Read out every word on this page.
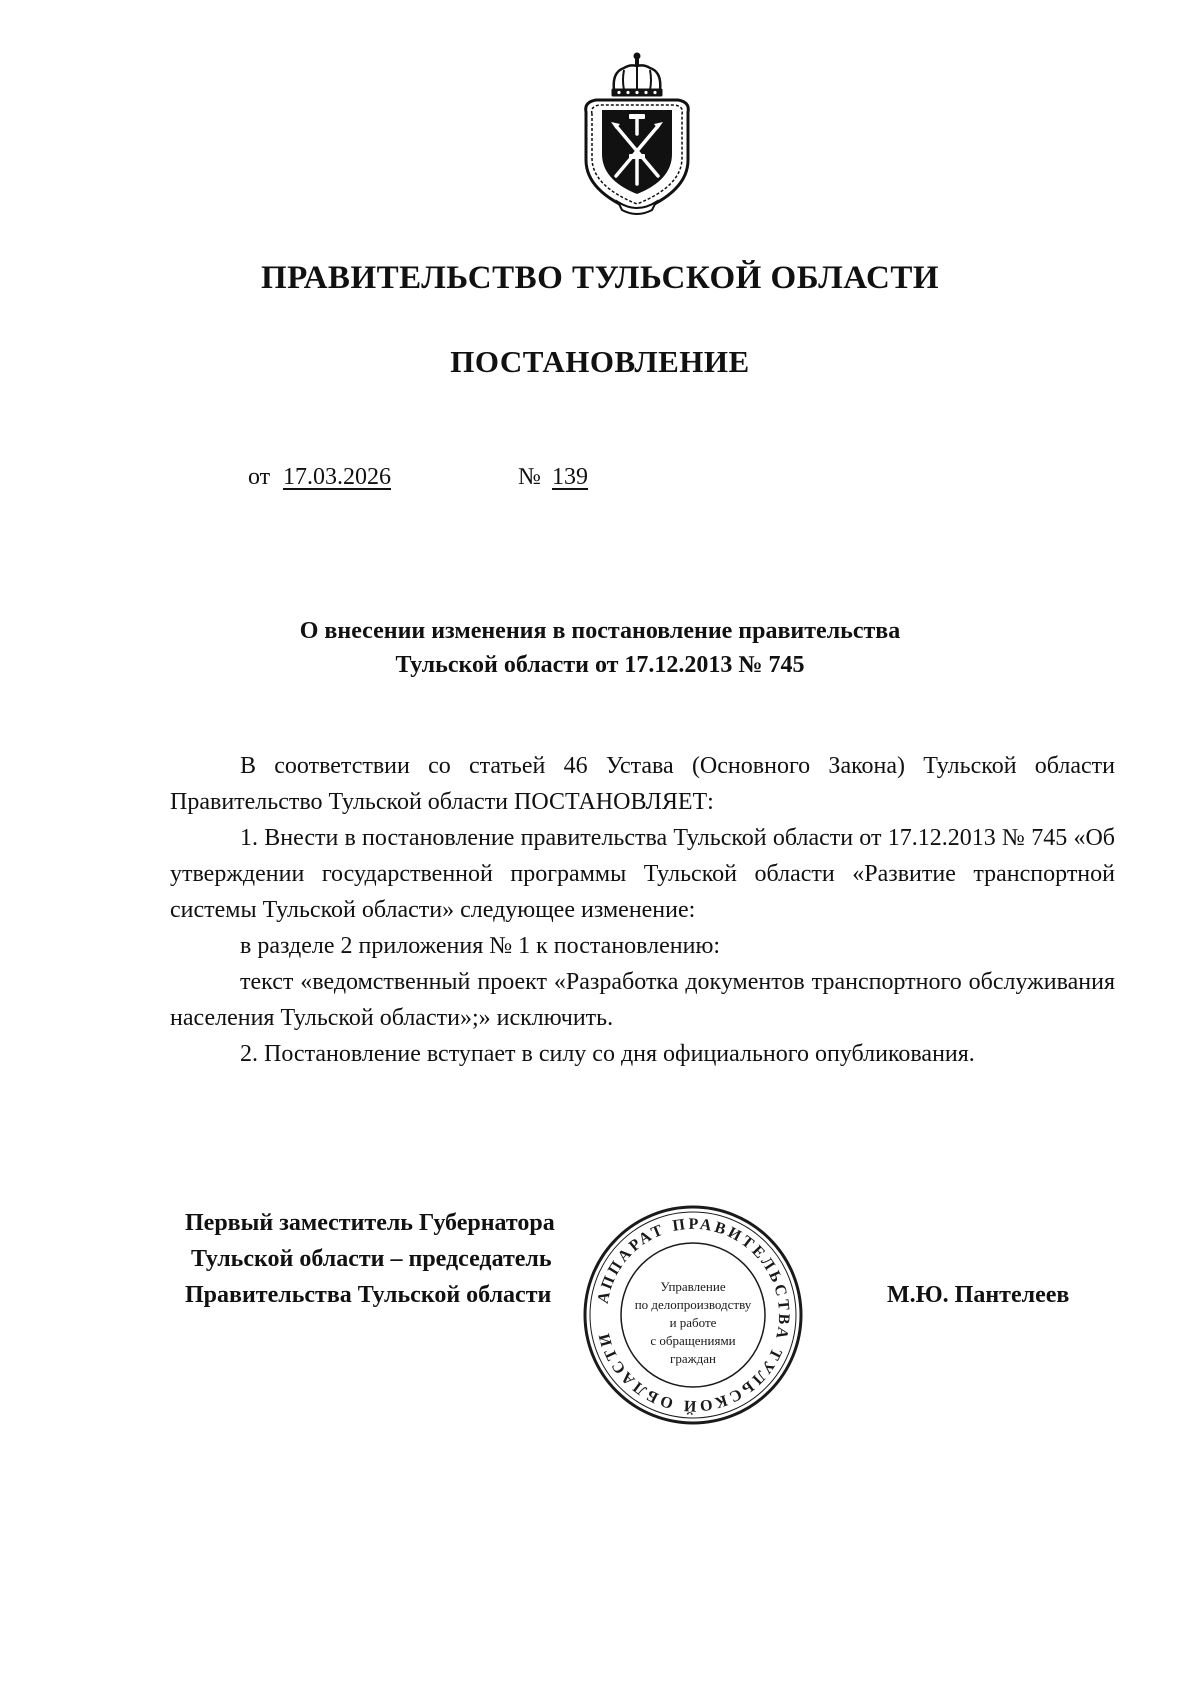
ПРАВИТЕЛЬСТВО ТУЛЬСКОЙ ОБЛАСТИ
ПОСТАНОВЛЕНИЕ
от 17.03.2026	№ 139
О внесении изменения в постановление правительства
Тульской области от 17.12.2013 № 745

В соответствии со статьей 46 Устава (Основного Закона) Тульской области Правительство Тульской области ПОСТАНОВЛЯЕТ:

1. Внести в постановление правительства Тульской области от 17.12.2013 № 745 «Об утверждении государственной программы Тульской области «Развитие транспортной системы Тульской области» следующее изменение:

в разделе 2 приложения № 1 к постановлению:

текст «ведомственный проект «Разработка документов транспортного обслуживания населения Тульской области»;» исключить.

2. Постановление вступает в силу со дня официального опубликования.

Первый заместитель Губернатора
Тульской области – председатель
Правительства Тульской области	М.Ю. Пантелеев
АППАРАТ ПРАВИТЕЛЬСТВА ТУЛЬСКОЙ ОБЛАСТИ
Управление
по делопроизводству
и работе
с обращениями
граждан
